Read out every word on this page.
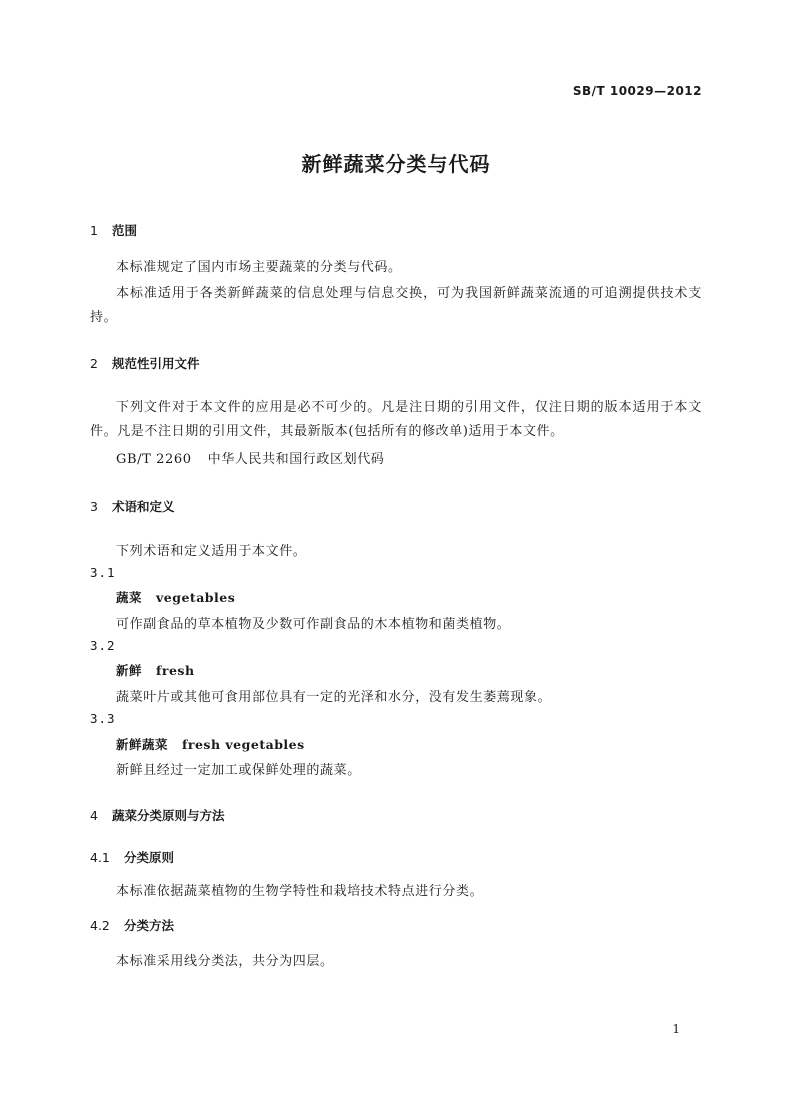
SB/T 10029—2012
新鲜蔬菜分类与代码
1 范围
本标准规定了国内市场主要蔬菜的分类与代码。
本标准适用于各类新鲜蔬菜的信息处理与信息交换，可为我国新鲜蔬菜流通的可追溯提供技术支持。
2 规范性引用文件
下列文件对于本文件的应用是必不可少的。凡是注日期的引用文件，仅注日期的版本适用于本文件。凡是不注日期的引用文件，其最新版本(包括所有的修改单)适用于本文件。
GB/T 2260 中华人民共和国行政区划代码
3 术语和定义
下列术语和定义适用于本文件。
3.1
蔬菜 vegetables
可作副食品的草本植物及少数可作副食品的木本植物和菌类植物。
3.2
新鲜 fresh
蔬菜叶片或其他可食用部位具有一定的光泽和水分，没有发生萎蔫现象。
3.3
新鲜蔬菜 fresh vegetables
新鲜且经过一定加工或保鲜处理的蔬菜。
4 蔬菜分类原则与方法
4.1 分类原则
本标准依据蔬菜植物的生物学特性和栽培技术特点进行分类。
4.2 分类方法
本标准采用线分类法，共分为四层。
1
